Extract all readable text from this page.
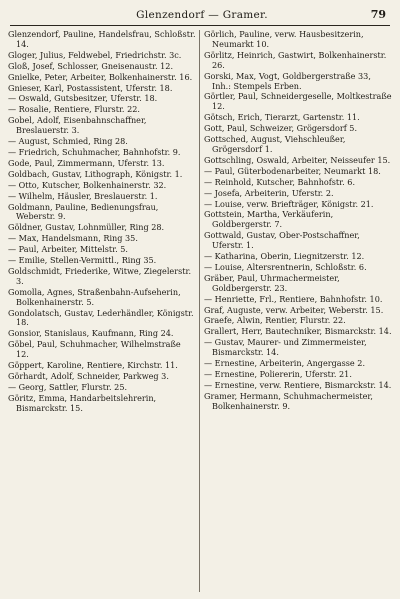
Glenzendorf — Gramer.	79

Glenzendorf, Pauline, Handelsfrau, Schloßstr. 14.

Gloger, Julius, Feldwebel, Friedrichstr. 3c.

Gloß, Josef, Schlosser, Gneisenaustr. 12.

Gnielke, Peter, Arbeiter, Bolkenhainerstr. 16.

Gnieser, Karl, Postassistent, Uferstr. 18.

— Oswald, Gutsbesitzer, Uferstr. 18.

— Rosalie, Rentiere, Flurstr. 22.

Gobel, Adolf, Eisenbahnschaffner, Breslauerstr. 3.

— August, Schmied, Ring 28.

— Friedrich, Schuhmacher, Bahnhofstr. 9.

Gode, Paul, Zimmermann, Uferstr. 13.

Goldbach, Gustav, Lithograph, Königstr. 1.

— Otto, Kutscher, Bolkenhainerstr. 32.

— Wilhelm, Häusler, Breslauerstr. 1.

Goldmann, Pauline, Bedienungsfrau, Weberstr. 9.

Göldner, Gustav, Lohnmüller, Ring 28.

— Max, Handelsmann, Ring 35.

— Paul, Arbeiter, Mittelstr. 5.

— Emilie, Stellen-Vermittl., Ring 35.

Goldschmidt, Friederike, Witwe, Ziegelerstr. 3.

Gomolla, Agnes, Straßenbahn-Aufseherin, Bolkenhainerstr. 5.

Gondolatsch, Gustav, Lederhändler, Königstr. 18.

Gonsior, Stanislaus, Kaufmann, Ring 24.

Göbel, Paul, Schuhmacher, Wilhelmstraße 12.

Göppert, Karoline, Rentiere, Kirchstr. 11.

Görhardt, Adolf, Schneider, Parkweg 3.

— Georg, Sattler, Flurstr. 25.

Göritz, Emma, Handarbeitslehrerin, Bismarckstr. 15.

Görlich, Pauline, verw. Hausbesitzerin, Neumarkt 10.

Görlitz, Heinrich, Gastwirt, Bolkenhainerstr. 26.

Gorski, Max, Vogt, Goldbergerstraße 33, Inh.: Stempels Erben.

Görtler, Paul, Schneidergeselle, Moltkestraße 12.

Götsch, Erich, Tierarzt, Gartenstr. 11.

Gott, Paul, Schweizer, Grögersdorf 5.

Gottsched, August, Viehschleußer, Grögersdorf 1.

Gottschling, Oswald, Arbeiter, Neisseufer 15.

— Paul, Güterbodenarbeiter, Neumarkt 18.

— Reinhold, Kutscher, Bahnhofstr. 6.

— Josefa, Arbeiterin, Uferstr. 2.

— Louise, verw. Briefträger, Königstr. 21.

Gottstein, Martha, Verkäuferin, Goldbergerstr. 7.

Gottwald, Gustav, Ober-Postschaffner, Uferstr. 1.

— Katharina, Oberin, Liegnitzerstr. 12.

— Louise, Altersrentnerin, Schloßstr. 6.

Gräber, Paul, Uhrmachermeister, Goldbergerstr. 23.

— Henriette, Frl., Rentiere, Bahnhofstr. 10.

Graf, Auguste, verw. Arbeiter, Weberstr. 15.

Graefe, Alwin, Rentier, Flurstr. 22.

Grallert, Herr, Bautechniker, Bismarckstr. 14.

— Gustav, Maurer- und Zimmermeister, Bismarckstr. 14.

— Ernestine, Arbeiterin, Angergasse 2.

— Ernestine, Poliererin, Uferstr. 21.

— Ernestine, verw. Rentiere, Bismarckstr. 14.

Gramer, Hermann, Schuhmachermeister, Bolkenhainerstr. 9.
